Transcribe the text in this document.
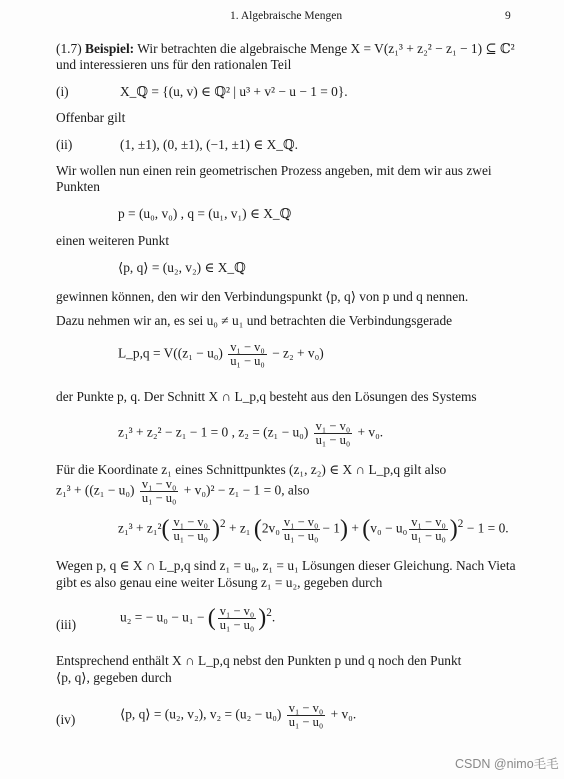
1. Algebraische Mengen	9
(1.7) Beispiel: Wir betrachten die algebraische Menge X = V(z₁³ + z₂² − z₁ − 1) ⊆ ℂ²
und interessieren uns für den rationalen Teil
(i)	X_ℚ = {(u, v) ∈ ℚ² | u³ + v² − u − 1 = 0}.
Offenbar gilt
(ii)	(1, ±1), (0, ±1), (−1, ±1) ∈ X_ℚ.
Wir wollen nun einen rein geometrischen Prozess angeben, mit dem wir aus zwei
Punkten
p = (u₀, v₀) , q = (u₁, v₁) ∈ X_ℚ
einen weiteren Punkt
⟨p, q⟩ = (u₂, v₂) ∈ X_ℚ
gewinnen können, den wir den Verbindungspunkt ⟨p, q⟩ von p und q nennen.
Dazu nehmen wir an, es sei u₀ ≠ u₁ und betrachten die Verbindungsgerade
L_p,q = $V((z_1 - u_0) \frac{\text{v₁ − v₀}}{\text{u₁ − u₀}} - z_2 + v_0)$
der Punkte p, q. Der Schnitt X ∩ L_p,q besteht aus den Lösungen des Systems
z₁³ + z₂² − z₁ − 1 = 0 , $z_2 = (z_1 - u_0) \frac{\text{v₁ − v₀}}{\text{u₁ − u₀}} + v_0$.
Für die Koordinate z₁ eines Schnittpunktes (z₁, z₂) ∈ X ∩ L_p,q gilt also
$z_1^3 + ((z_1 - u_0) \frac{\text{v₁ − v₀}}{\text{u₁ − u₀}} + v_0)^2 - z_1 - 1 = 0$, also
$z_1^3 + z_1^2( \frac{\text{v₁ − v₀}}{\text{u₁ − u₀}} )^2 + z_1$ $(2v_0 \frac{\text{v₁ − v₀}}{\text{u₁ − u₀}} - 1) + (v_0 - u_0 \frac{\text{v₁ − v₀}}{\text{u₁ − u₀}} )^2 - 1 = 0$.
Wegen p, q ∈ X ∩ L_p,q sind z₁ = u₀, z₁ = u₁ Lösungen dieser Gleichung. Nach Vieta
gibt es also genau eine weiter Lösung z₁ = u₂, gegeben durch
(iii)	u₂ = − u₀ − u₁ − ( $\frac{\text{v₁ − v₀}}{\text{u₁ − u₀}} )^2$.
Entsprechend enthält X ∩ L_p,q nebst den Punkten p und q noch den Punkt
⟨p, q⟩, gegeben durch
(iv)	⟨p, q⟩ = (u₂, v₂), $v_2 = (u_2 - u_0) \frac{\text{v₁ − v₀}}{\text{u₁ − u₀}} + v_0$.
CSDN @nimo毛毛
